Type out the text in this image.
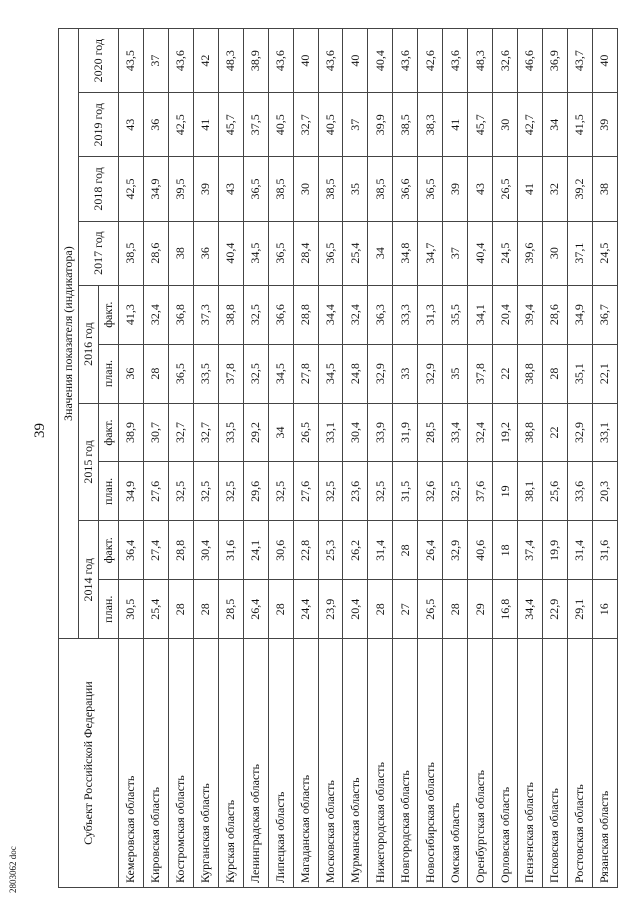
39
Субъект Российской Федерации	Значения показателя (индикатора)									
	2014 год		2015 год		2016 год		2017 год	2018 год	2019 год	2020 год
	план.	факт.	план.	факт.	план.	факт.				
Кемеровская область	30,5	36,4	34,9	38,9	36	41,3	38,5	42,5	43	43,5
Кировская область	25,4	27,4	27,6	30,7	28	32,4	28,6	34,9	36	37
Костромская область	28	28,8	32,5	32,7	36,5	36,8	38	39,5	42,5	43,6
Курганская область	28	30,4	32,5	32,7	33,5	37,3	36	39	41	42
Курская область	28,5	31,6	32,5	33,5	37,8	38,8	40,4	43	45,7	48,3
Ленинградская область	26,4	24,1	29,6	29,2	32,5	32,5	34,5	36,5	37,5	38,9
Липецкая область	28	30,6	32,5	34	34,5	36,6	36,5	38,5	40,5	43,6
Магаданская область	24,4	22,8	27,6	26,5	27,8	28,8	28,4	30	32,7	40
Московская область	23,9	25,3	32,5	33,1	34,5	34,4	36,5	38,5	40,5	43,6
Мурманская область	20,4	26,2	23,6	30,4	24,8	32,4	25,4	35	37	40
Нижегородская область	28	31,4	32,5	33,9	32,9	36,3	34	38,5	39,9	40,4
Новгородская область	27	28	31,5	31,9	33	33,3	34,8	36,6	38,5	43,6
Новосибирская область	26,5	26,4	32,6	28,5	32,9	31,3	34,7	36,5	38,3	42,6
Омская область	28	32,9	32,5	33,4	35	35,5	37	39	41	43,6
Оренбургская область	29	40,6	37,6	32,4	37,8	34,1	40,4	43	45,7	48,3
Орловская область	16,8	18	19	19,2	22	20,4	24,5	26,5	30	32,6
Пензенская область	34,4	37,4	38,1	38,8	38,8	39,4	39,6	41	42,7	46,6
Псковская область	22,9	19,9	25,6	22	28	28,6	30	32	34	36,9
Ростовская область	29,1	31,4	33,6	32,9	35,1	34,9	37,1	39,2	41,5	43,7
Рязанская область	16	31,6	20,3	33,1	22,1	36,7	24,5	38	39	40
2803062 doc
